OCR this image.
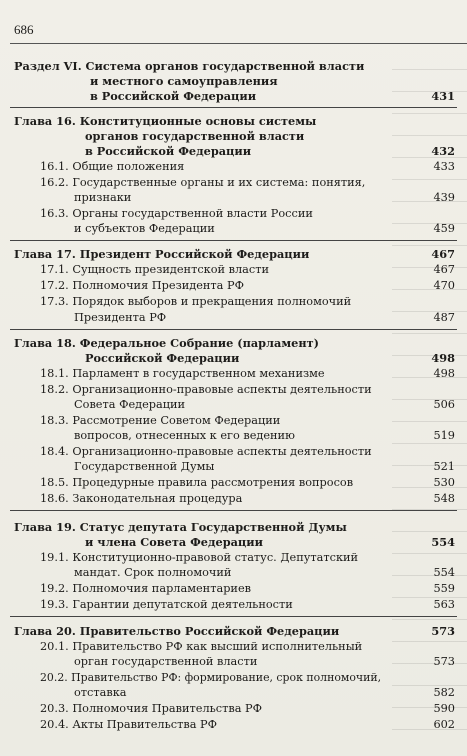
686
Раздел VI. Система органов государственной власти
и местного самоуправления
в Российской Федерации	431
Глава 16. Конституционные основы системы
органов государственной власти
в Российской Федерации	432
16.1. Общие положения	433
16.2. Государственные органы и их система: понятия,
признаки	439
16.3. Органы государственной власти России
и субъектов Федерации	459
Глава 17. Президент Российской Федерации	467
17.1. Сущность президентской власти	467
17.2. Полномочия Президента РФ	470
17.3. Порядок выборов и прекращения полномочий
Президента РФ	487
Глава 18. Федеральное Собрание (парламент)
Российской Федерации	498
18.1. Парламент в государственном механизме	498
18.2. Организационно-правовые аспекты деятельности
Совета Федерации	506
18.3. Рассмотрение Советом Федерации
вопросов, отнесенных к его ведению	519
18.4. Организационно-правовые аспекты деятельности
Государственной Думы	521
18.5. Процедурные правила рассмотрения вопросов	530
18.6. Законодательная процедура	548
Глава 19. Статус депутата Государственной Думы
и члена Совета Федерации	554
19.1. Конституционно-правовой статус. Депутатский
мандат. Срок полномочий	554
19.2. Полномочия парламентариев	559
19.3. Гарантии депутатской деятельности	563
Глава 20. Правительство Российской Федерации	573
20.1. Правительство РФ как высший исполнительный
орган государственной власти	573
20.2. Правительство РФ: формирование, срок полномочий,
отставка	582
20.3. Полномочия Правительства РФ	590
20.4. Акты Правительства РФ	602
